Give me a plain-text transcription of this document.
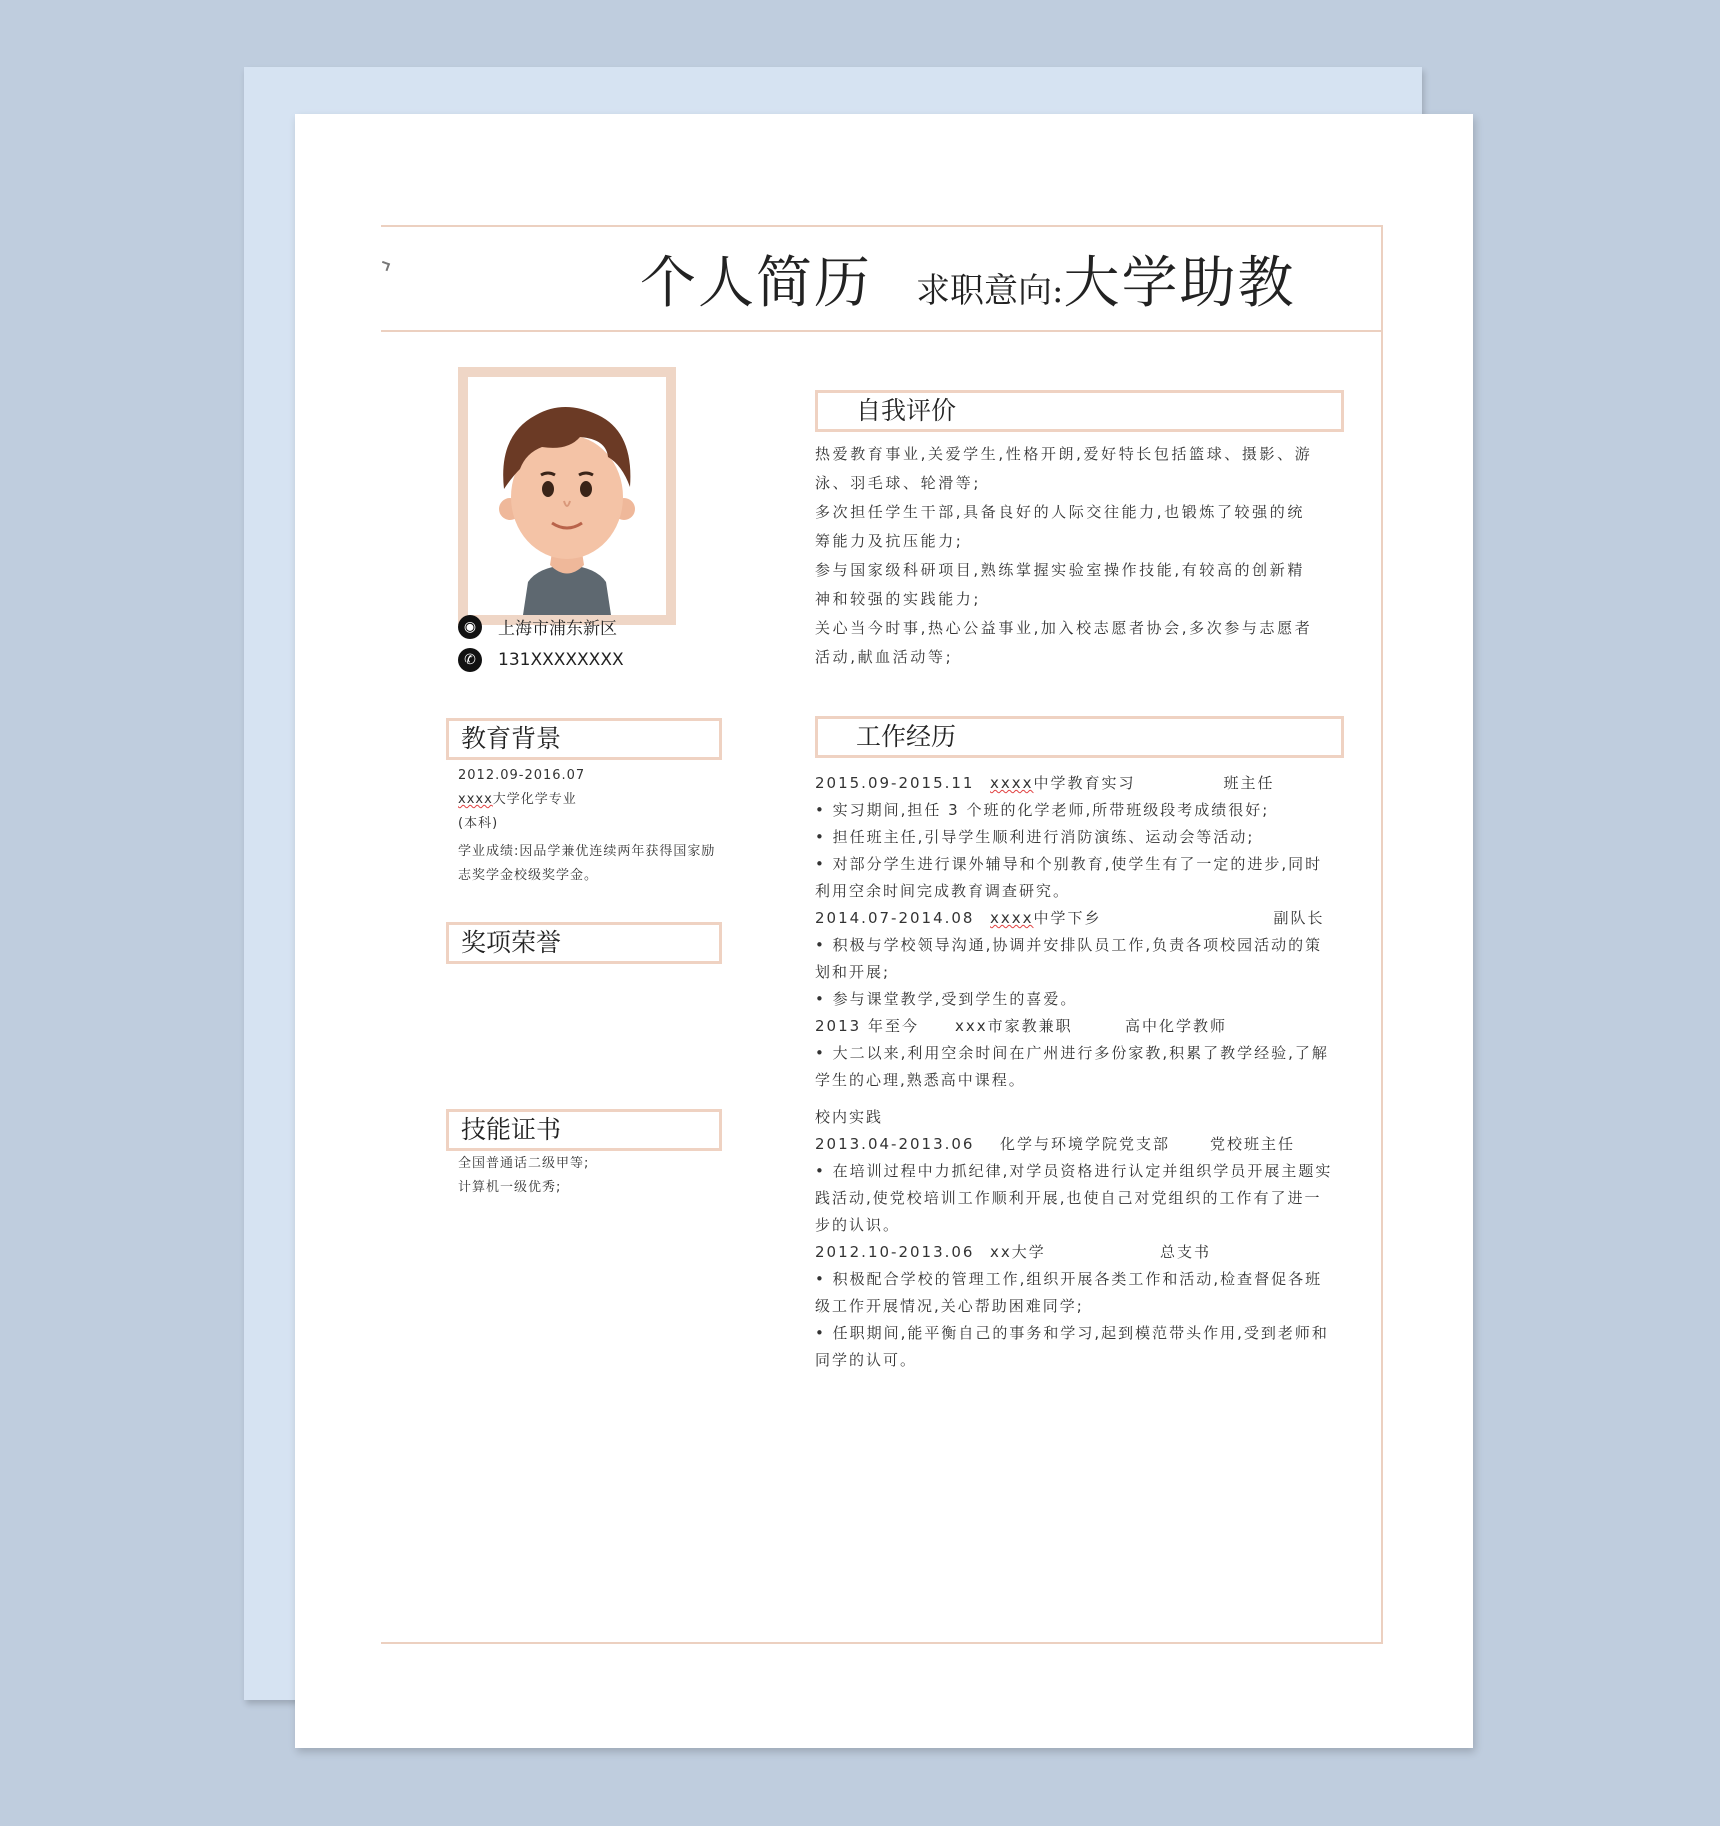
个人简历 求职意向:大学助教
◉ 上海市浦东新区
✆ 131XXXXXXXX
教育背景
2012.09-2016.07
xxxx大学化学专业
(本科)
学业成绩:因品学兼优连续两年获得国家励志奖学金校级奖学金。
奖项荣誉
技能证书
全国普通话二级甲等;
计算机一级优秀;
自我评价
热爱教育事业,关爱学生,性格开朗,爱好特长包括篮球、摄影、游泳、羽毛球、轮滑等;
多次担任学生干部,具备良好的人际交往能力,也锻炼了较强的统筹能力及抗压能力;
参与国家级科研项目,熟练掌握实验室操作技能,有较高的创新精神和较强的实践能力;
关心当今时事,热心公益事业,加入校志愿者协会,多次参与志愿者活动,献血活动等;
工作经历
2015.09-2015.11 xxxx中学教育实习	班主任
• 实习期间,担任 3 个班的化学老师,所带班级段考成绩很好;
• 担任班主任,引导学生顺利进行消防演练、运动会等活动;
• 对部分学生进行课外辅导和个别教育,使学生有了一定的进步,同时利用空余时间完成教育调查研究。
2014.07-2014.08 xxxx中学下乡	副队长
• 积极与学校领导沟通,协调并安排队员工作,负责各项校园活动的策划和开展;
• 参与课堂教学,受到学生的喜爱。
2013 年至今 xxx市家教兼职	高中化学教师
• 大二以来,利用空余时间在广州进行多份家教,积累了教学经验,了解学生的心理,熟悉高中课程。
校内实践
2013.04-2013.06 化学与环境学院党支部	党校班主任
• 在培训过程中力抓纪律,对学员资格进行认定并组织学员开展主题实践活动,使党校培训工作顺利开展,也使自己对党组织的工作有了进一步的认识。
2012.10-2013.06 xx大学	总支书
• 积极配合学校的管理工作,组织开展各类工作和活动,检查督促各班级工作开展情况,关心帮助困难同学;
• 任职期间,能平衡自己的事务和学习,起到模范带头作用,受到老师和同学的认可。
